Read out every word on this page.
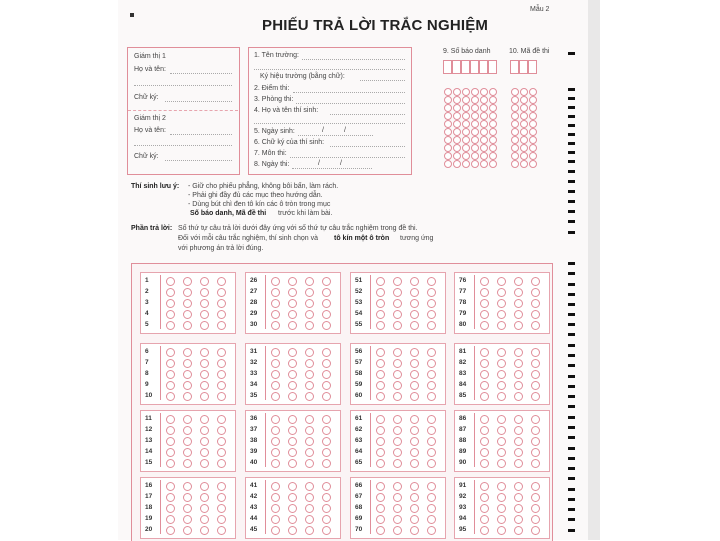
Mẫu 2
PHIẾU TRẢ LỜI TRẮC NGHIỆM
Giám thị 1
Họ và tên:
Chữ ký:
Giám thị 2
Họ và tên:
Chữ ký:
1. Tên trường:
Ký hiệu trường (bằng chữ):
2. Điểm thi:
3. Phòng thi:
4. Họ và tên thí sinh:
5. Ngày sinh:	/	/
6. Chữ ký của thí sinh:
7. Môn thi:
8. Ngày thi:	/	/
9. Số báo danh	10. Mã đề thi
Thí sinh lưu ý: - Giữ cho phiếu phẳng, không bôi bẩn, làm rách.
- Phải ghi đầy đủ các mục theo hướng dẫn.
- Dùng bút chì đen tô kín các ô tròn trong mục
Số báo danh, Mã đề thi trước khi làm bài.
Phần trả lời: Số thứ tự câu trả lời dưới đây ứng với số thứ tự câu trắc nghiệm trong đề thi.
Đối với mỗi câu trắc nghiệm, thí sinh chọn và tô kín một ô tròn tương ứng
với phương án trả lời đúng.
1
2
3
4
5
26
27
28
29
30
51
52
53
54
55
76
77
78
79
80
6
7
8
9
10
31
32
33
34
35
56
57
58
59
60
81
82
83
84
85
11
12
13
14
15
36
37
38
39
40
61
62
63
64
65
86
87
88
89
90
16
17
18
19
20
41
42
43
44
45
66
67
68
69
70
91
92
93
94
95
